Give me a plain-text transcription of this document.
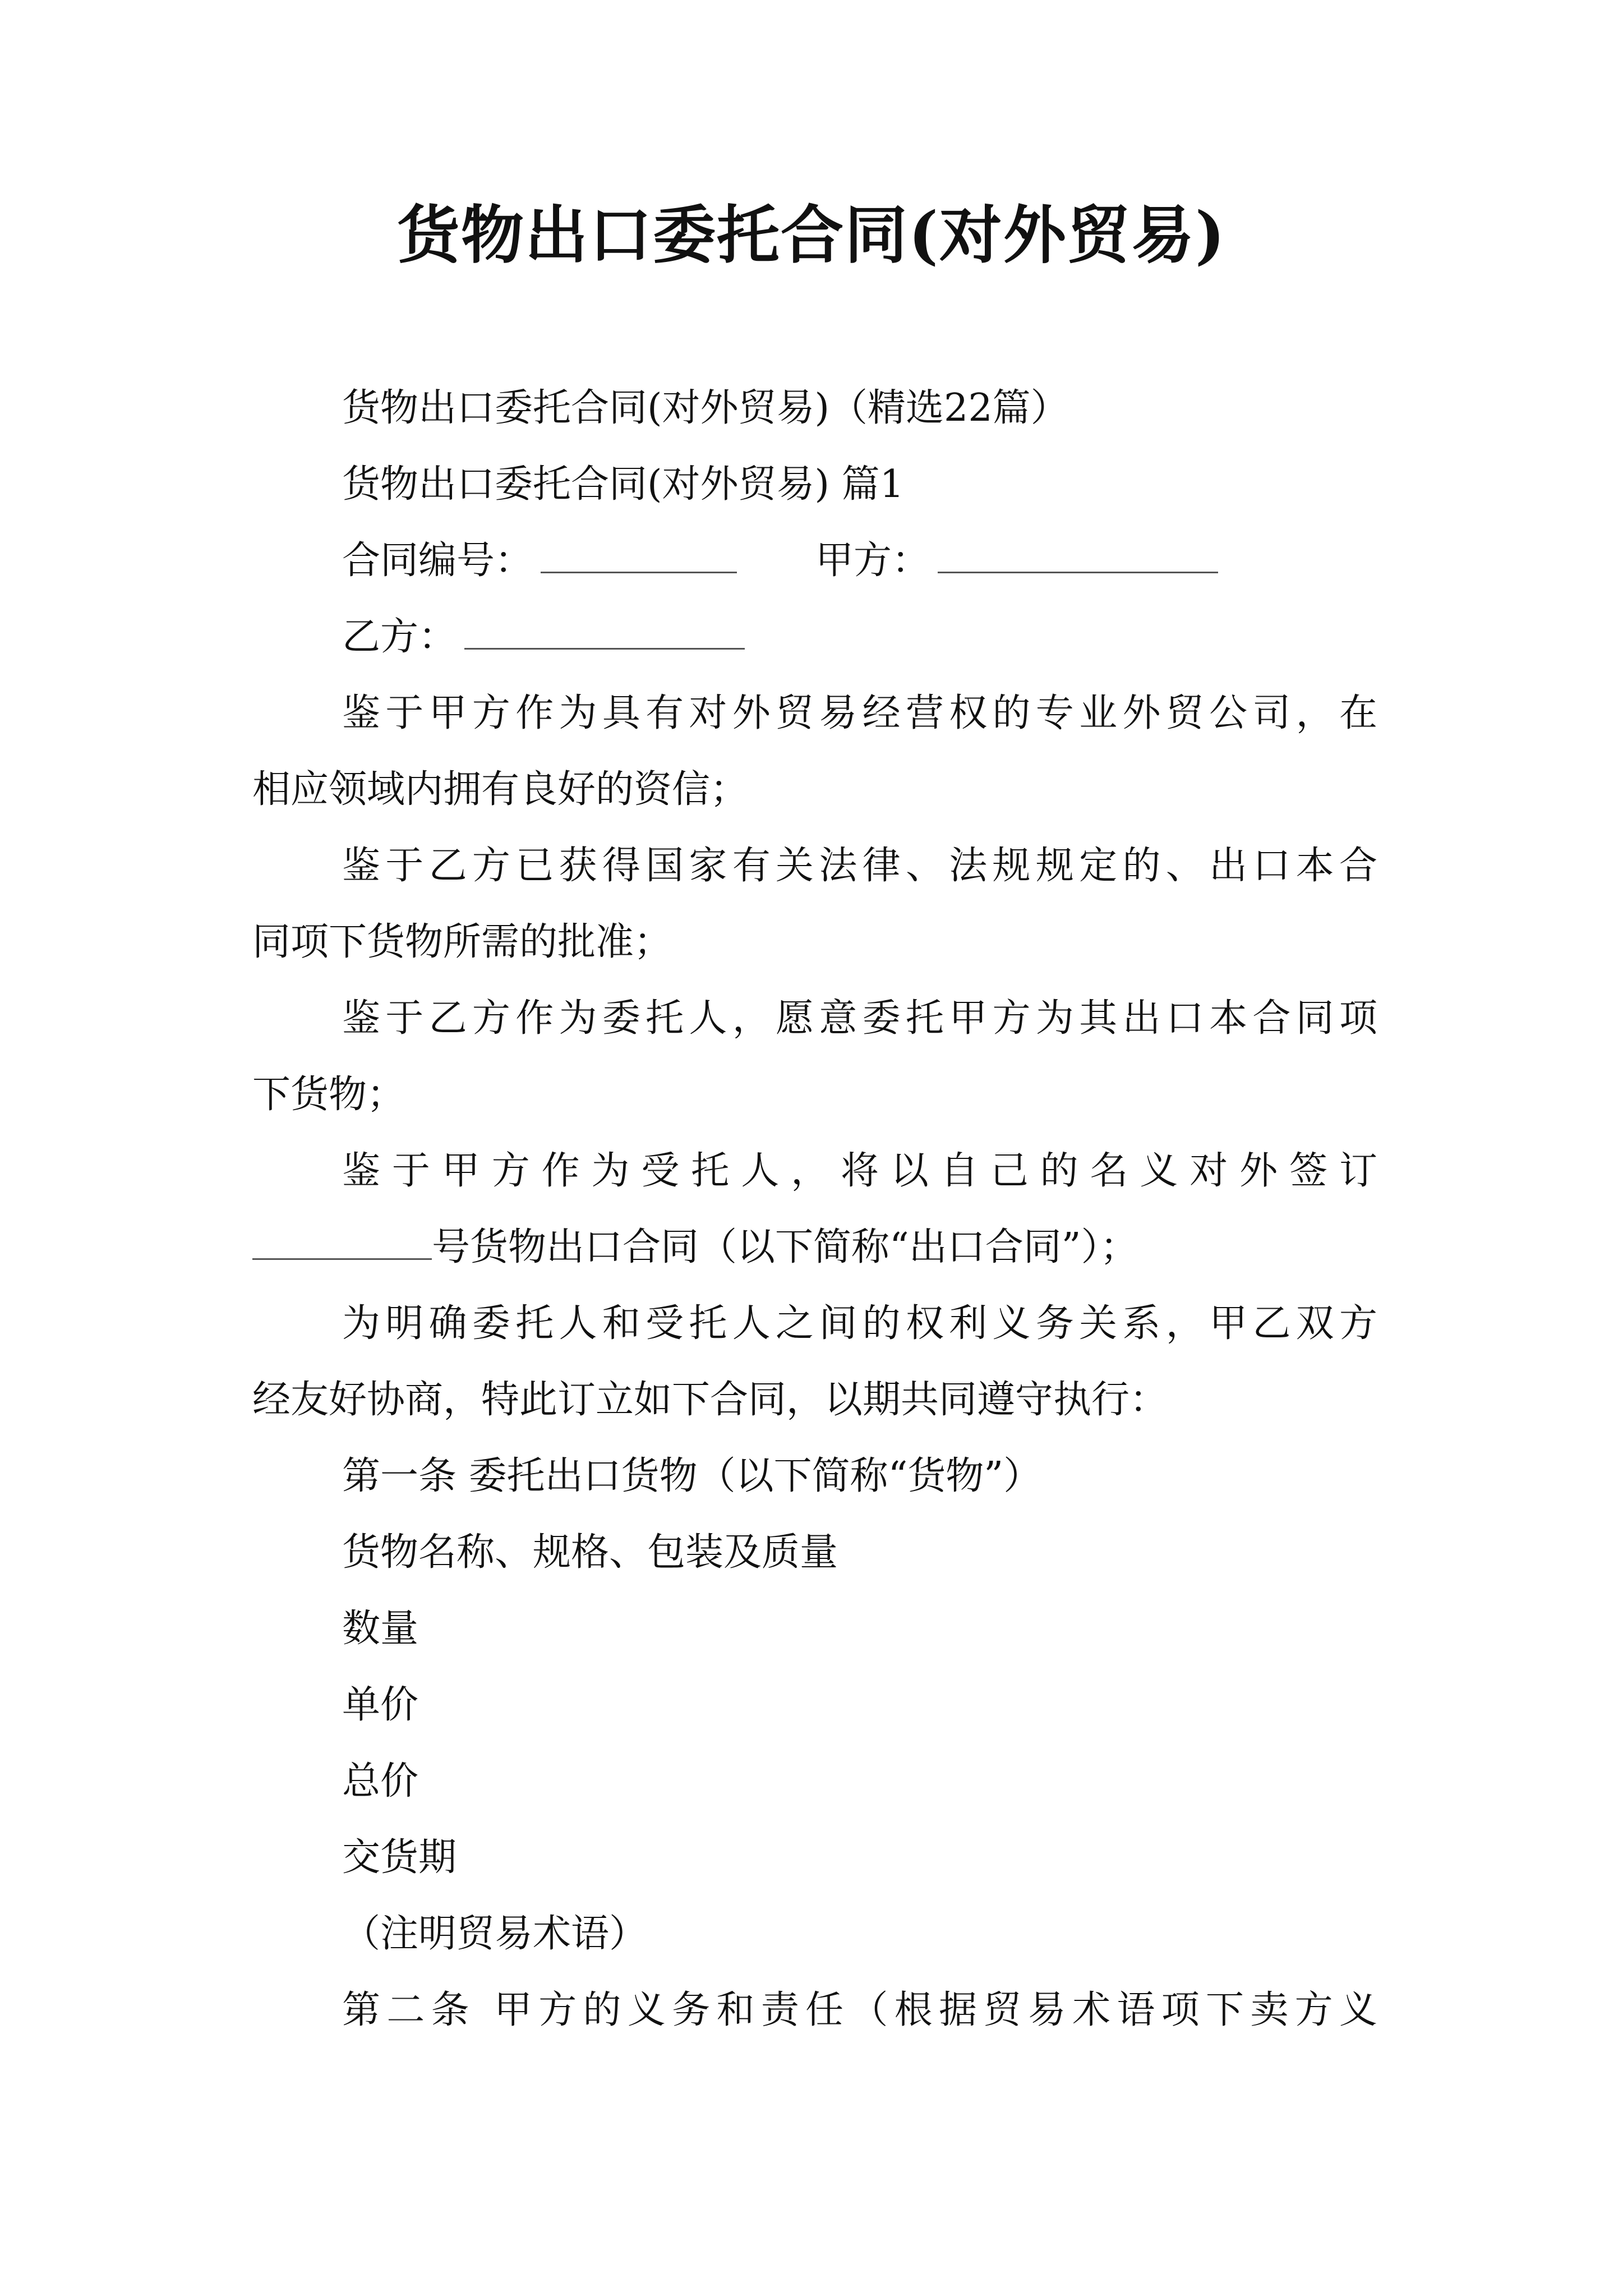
货物出口委托合同(对外贸易)
货物出口委托合同(对外贸易)（精选22篇）
货物出口委托合同(对外贸易) 篇1
合同编号：	甲方：
乙方：
鉴于甲方作为具有对外贸易经营权的专业外贸公司，在
相应领域内拥有良好的资信；
鉴于乙方已获得国家有关法律、法规规定的、出口本合
同项下货物所需的批准；
鉴于乙方作为委托人，愿意委托甲方为其出口本合同项
下货物；
鉴于甲方作为受托人，将以自己的名义对外签订
号货物出口合同（以下简称“出口合同”）；
为明确委托人和受托人之间的权利义务关系，甲乙双方
经友好协商，特此订立如下合同，以期共同遵守执行：
第一条 委托出口货物（以下简称“货物”）
货物名称、规格、包装及质量
数量
单价
总价
交货期
（注明贸易术语）
第二条 甲方的义务和责任（根据贸易术语项下卖方义
